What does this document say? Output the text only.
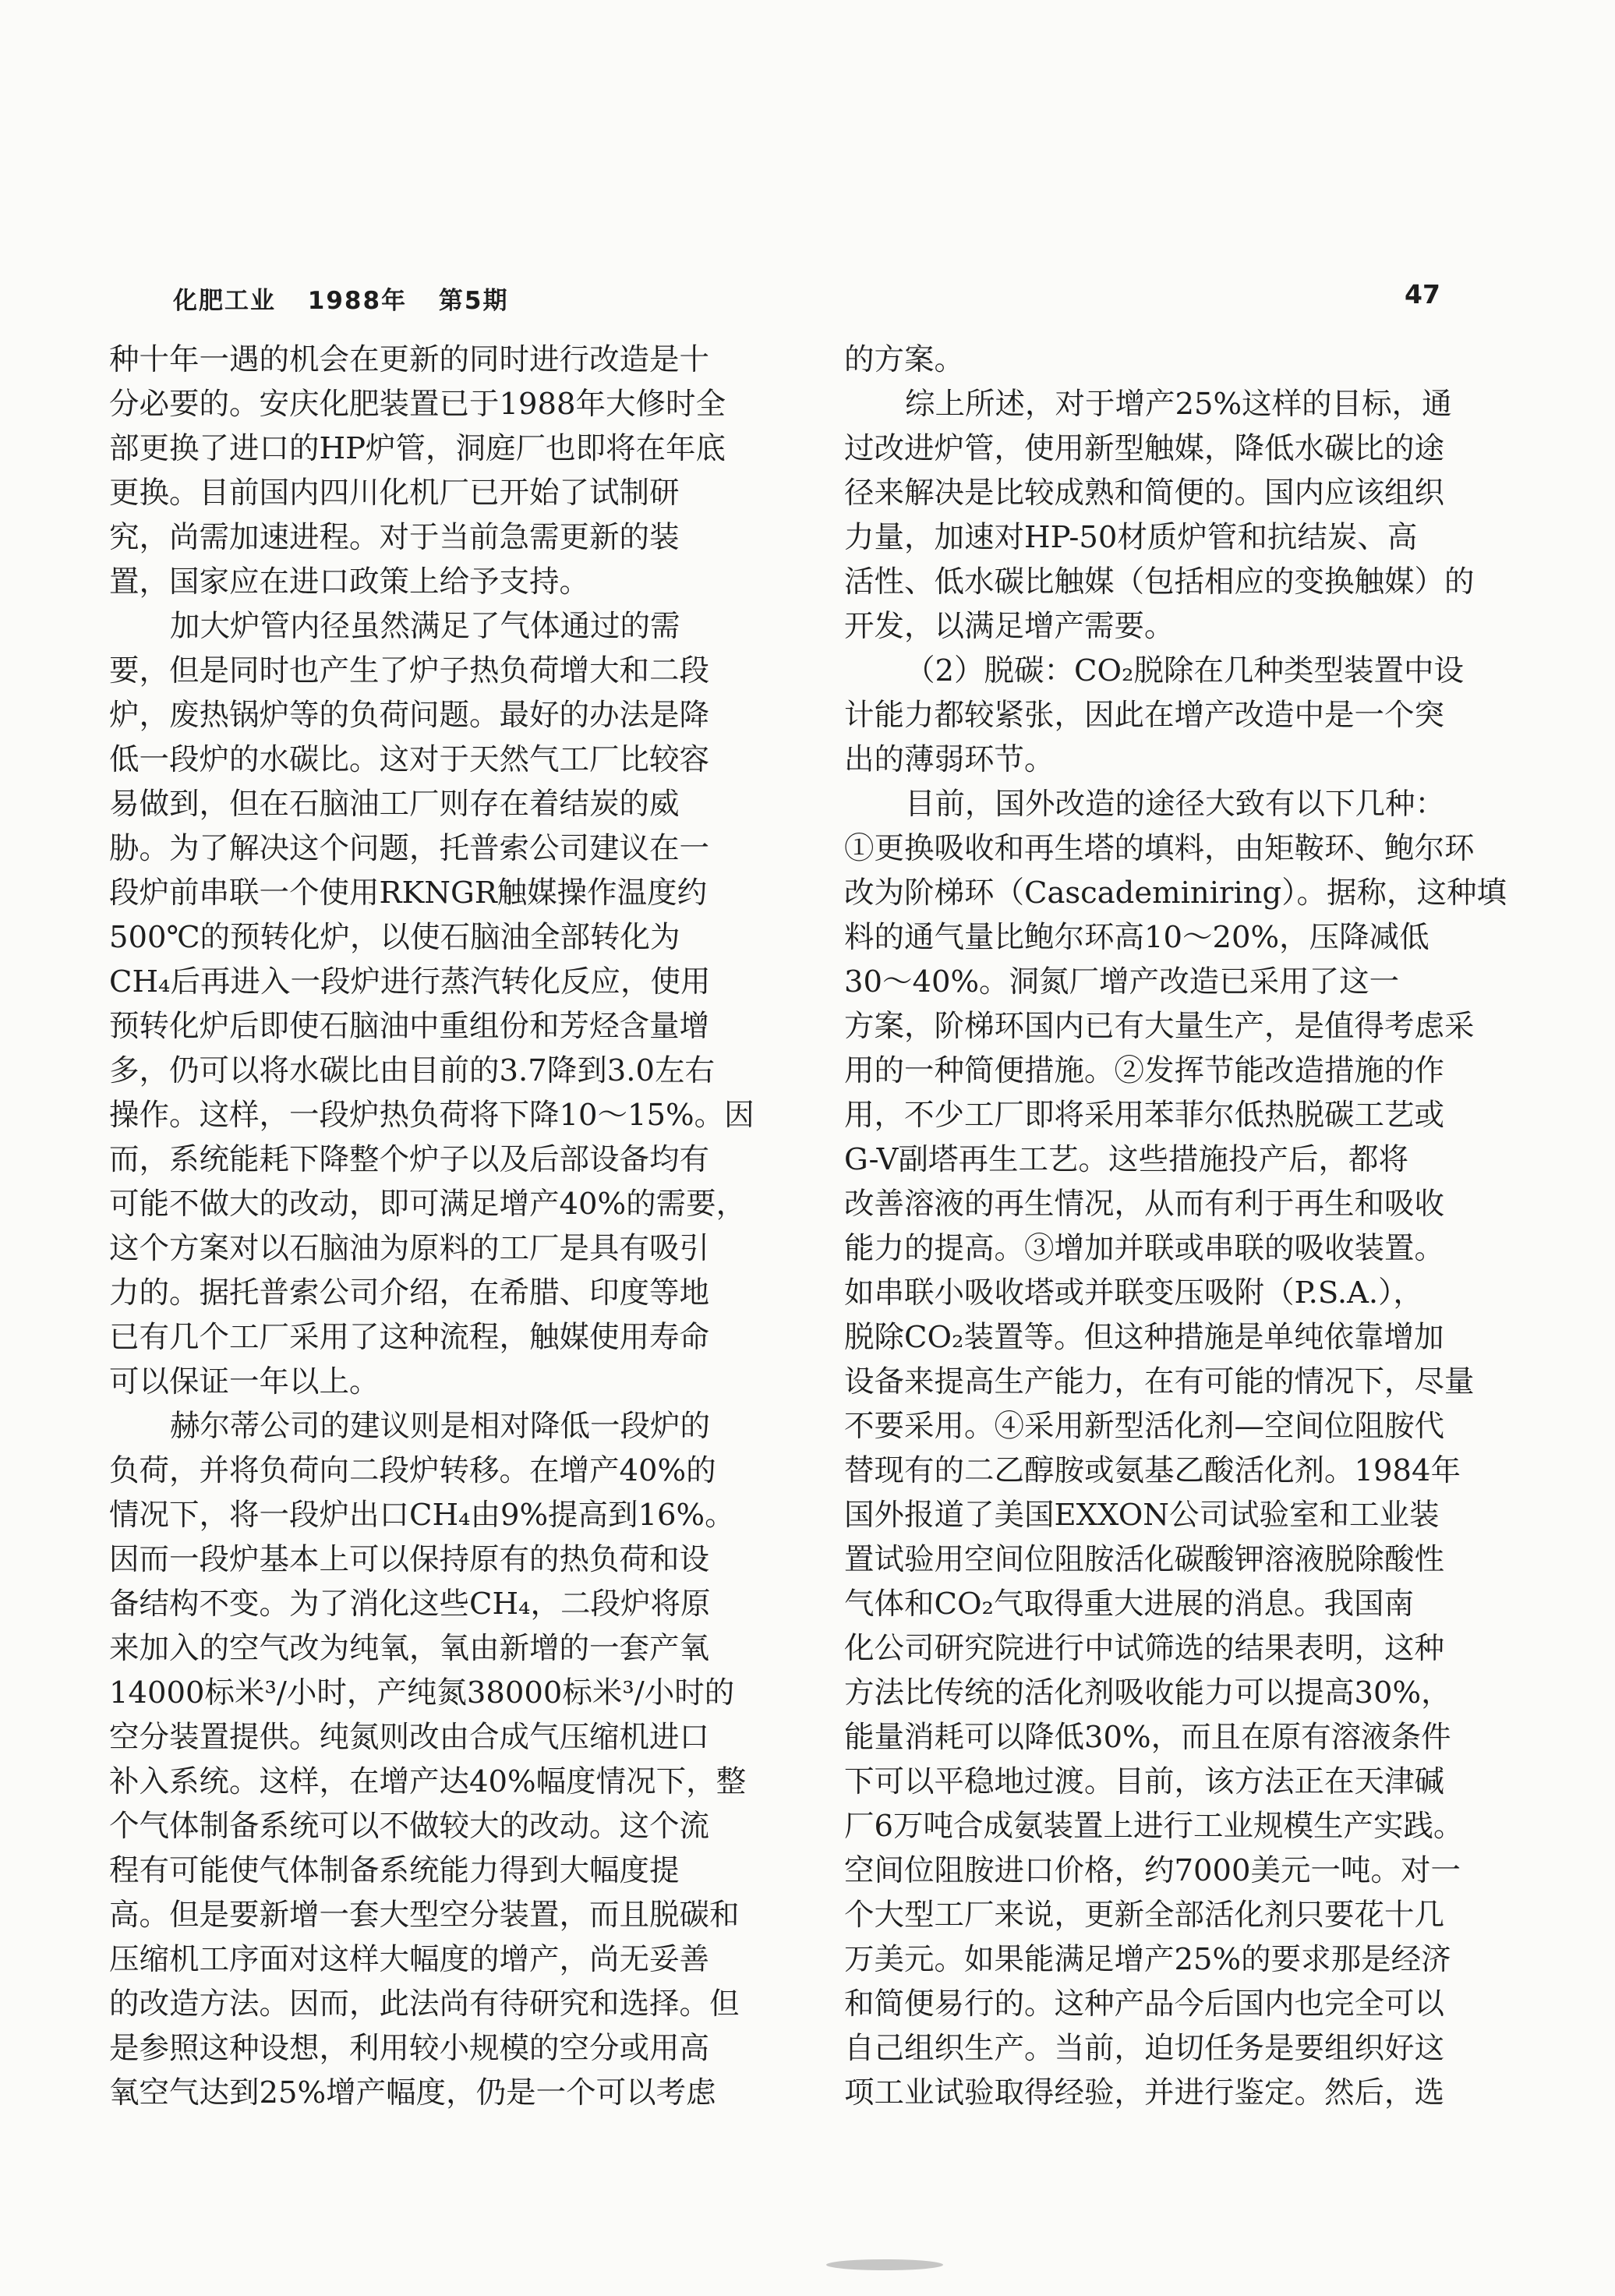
化肥工业 1988年 第5期	47
种十年一遇的机会在更新的同时进行改造是十
分必要的。安庆化肥装置已于1988年大修时全
部更换了进口的HP炉管，洞庭厂也即将在年底
更换。目前国内四川化机厂已开始了试制研
究，尚需加速进程。对于当前急需更新的装
置，国家应在进口政策上给予支持。
加大炉管内径虽然满足了气体通过的需
要，但是同时也产生了炉子热负荷增大和二段
炉，废热锅炉等的负荷问题。最好的办法是降
低一段炉的水碳比。这对于天然气工厂比较容
易做到，但在石脑油工厂则存在着结炭的威
胁。为了解决这个问题，托普索公司建议在一
段炉前串联一个使用RKNGR触媒操作温度约
500℃的预转化炉，以使石脑油全部转化为
CH₄后再进入一段炉进行蒸汽转化反应，使用
预转化炉后即使石脑油中重组份和芳烃含量增
多，仍可以将水碳比由目前的3.7降到3.0左右
操作。这样，一段炉热负荷将下降10～15%。因
而，系统能耗下降整个炉子以及后部设备均有
可能不做大的改动，即可满足增产40%的需要，
这个方案对以石脑油为原料的工厂是具有吸引
力的。据托普索公司介绍，在希腊、印度等地
已有几个工厂采用了这种流程，触媒使用寿命
可以保证一年以上。
赫尔蒂公司的建议则是相对降低一段炉的
负荷，并将负荷向二段炉转移。在增产40%的
情况下，将一段炉出口CH₄由9%提高到16%。
因而一段炉基本上可以保持原有的热负荷和设
备结构不变。为了消化这些CH₄，二段炉将原
来加入的空气改为纯氧，氧由新增的一套产氧
14000标米³/小时，产纯氮38000标米³/小时的
空分装置提供。纯氮则改由合成气压缩机进口
补入系统。这样，在增产达40%幅度情况下，整
个气体制备系统可以不做较大的改动。这个流
程有可能使气体制备系统能力得到大幅度提
高。但是要新增一套大型空分装置，而且脱碳和
压缩机工序面对这样大幅度的增产，尚无妥善
的改造方法。因而，此法尚有待研究和选择。但
是参照这种设想，利用较小规模的空分或用高
氧空气达到25%增产幅度，仍是一个可以考虑
的方案。
综上所述，对于增产25%这样的目标，通
过改进炉管，使用新型触媒，降低水碳比的途
径来解决是比较成熟和简便的。国内应该组织
力量，加速对HP-50材质炉管和抗结炭、高
活性、低水碳比触媒（包括相应的变换触媒）的
开发，以满足增产需要。
（2）脱碳：CO₂脱除在几种类型装置中设
计能力都较紧张，因此在增产改造中是一个突
出的薄弱环节。
目前，国外改造的途径大致有以下几种：
①更换吸收和再生塔的填料，由矩鞍环、鲍尔环
改为阶梯环（Cascademiniring）。据称，这种填
料的通气量比鲍尔环高10～20%，压降减低
30～40%。洞氮厂增产改造已采用了这一
方案，阶梯环国内已有大量生产，是值得考虑采
用的一种简便措施。②发挥节能改造措施的作
用，不少工厂即将采用苯菲尔低热脱碳工艺或
G-V副塔再生工艺。这些措施投产后，都将
改善溶液的再生情况，从而有利于再生和吸收
能力的提高。③增加并联或串联的吸收装置。
如串联小吸收塔或并联变压吸附（P.S.A.），
脱除CO₂装置等。但这种措施是单纯依靠增加
设备来提高生产能力，在有可能的情况下，尽量
不要采用。④采用新型活化剂—空间位阻胺代
替现有的二乙醇胺或氨基乙酸活化剂。1984年
国外报道了美国EXXON公司试验室和工业装
置试验用空间位阻胺活化碳酸钾溶液脱除酸性
气体和CO₂气取得重大进展的消息。我国南
化公司研究院进行中试筛选的结果表明，这种
方法比传统的活化剂吸收能力可以提高30%，
能量消耗可以降低30%，而且在原有溶液条件
下可以平稳地过渡。目前，该方法正在天津碱
厂6万吨合成氨装置上进行工业规模生产实践。
空间位阻胺进口价格，约7000美元一吨。对一
个大型工厂来说，更新全部活化剂只要花十几
万美元。如果能满足增产25%的要求那是经济
和简便易行的。这种产品今后国内也完全可以
自己组织生产。当前，迫切任务是要组织好这
项工业试验取得经验，并进行鉴定。然后，选
